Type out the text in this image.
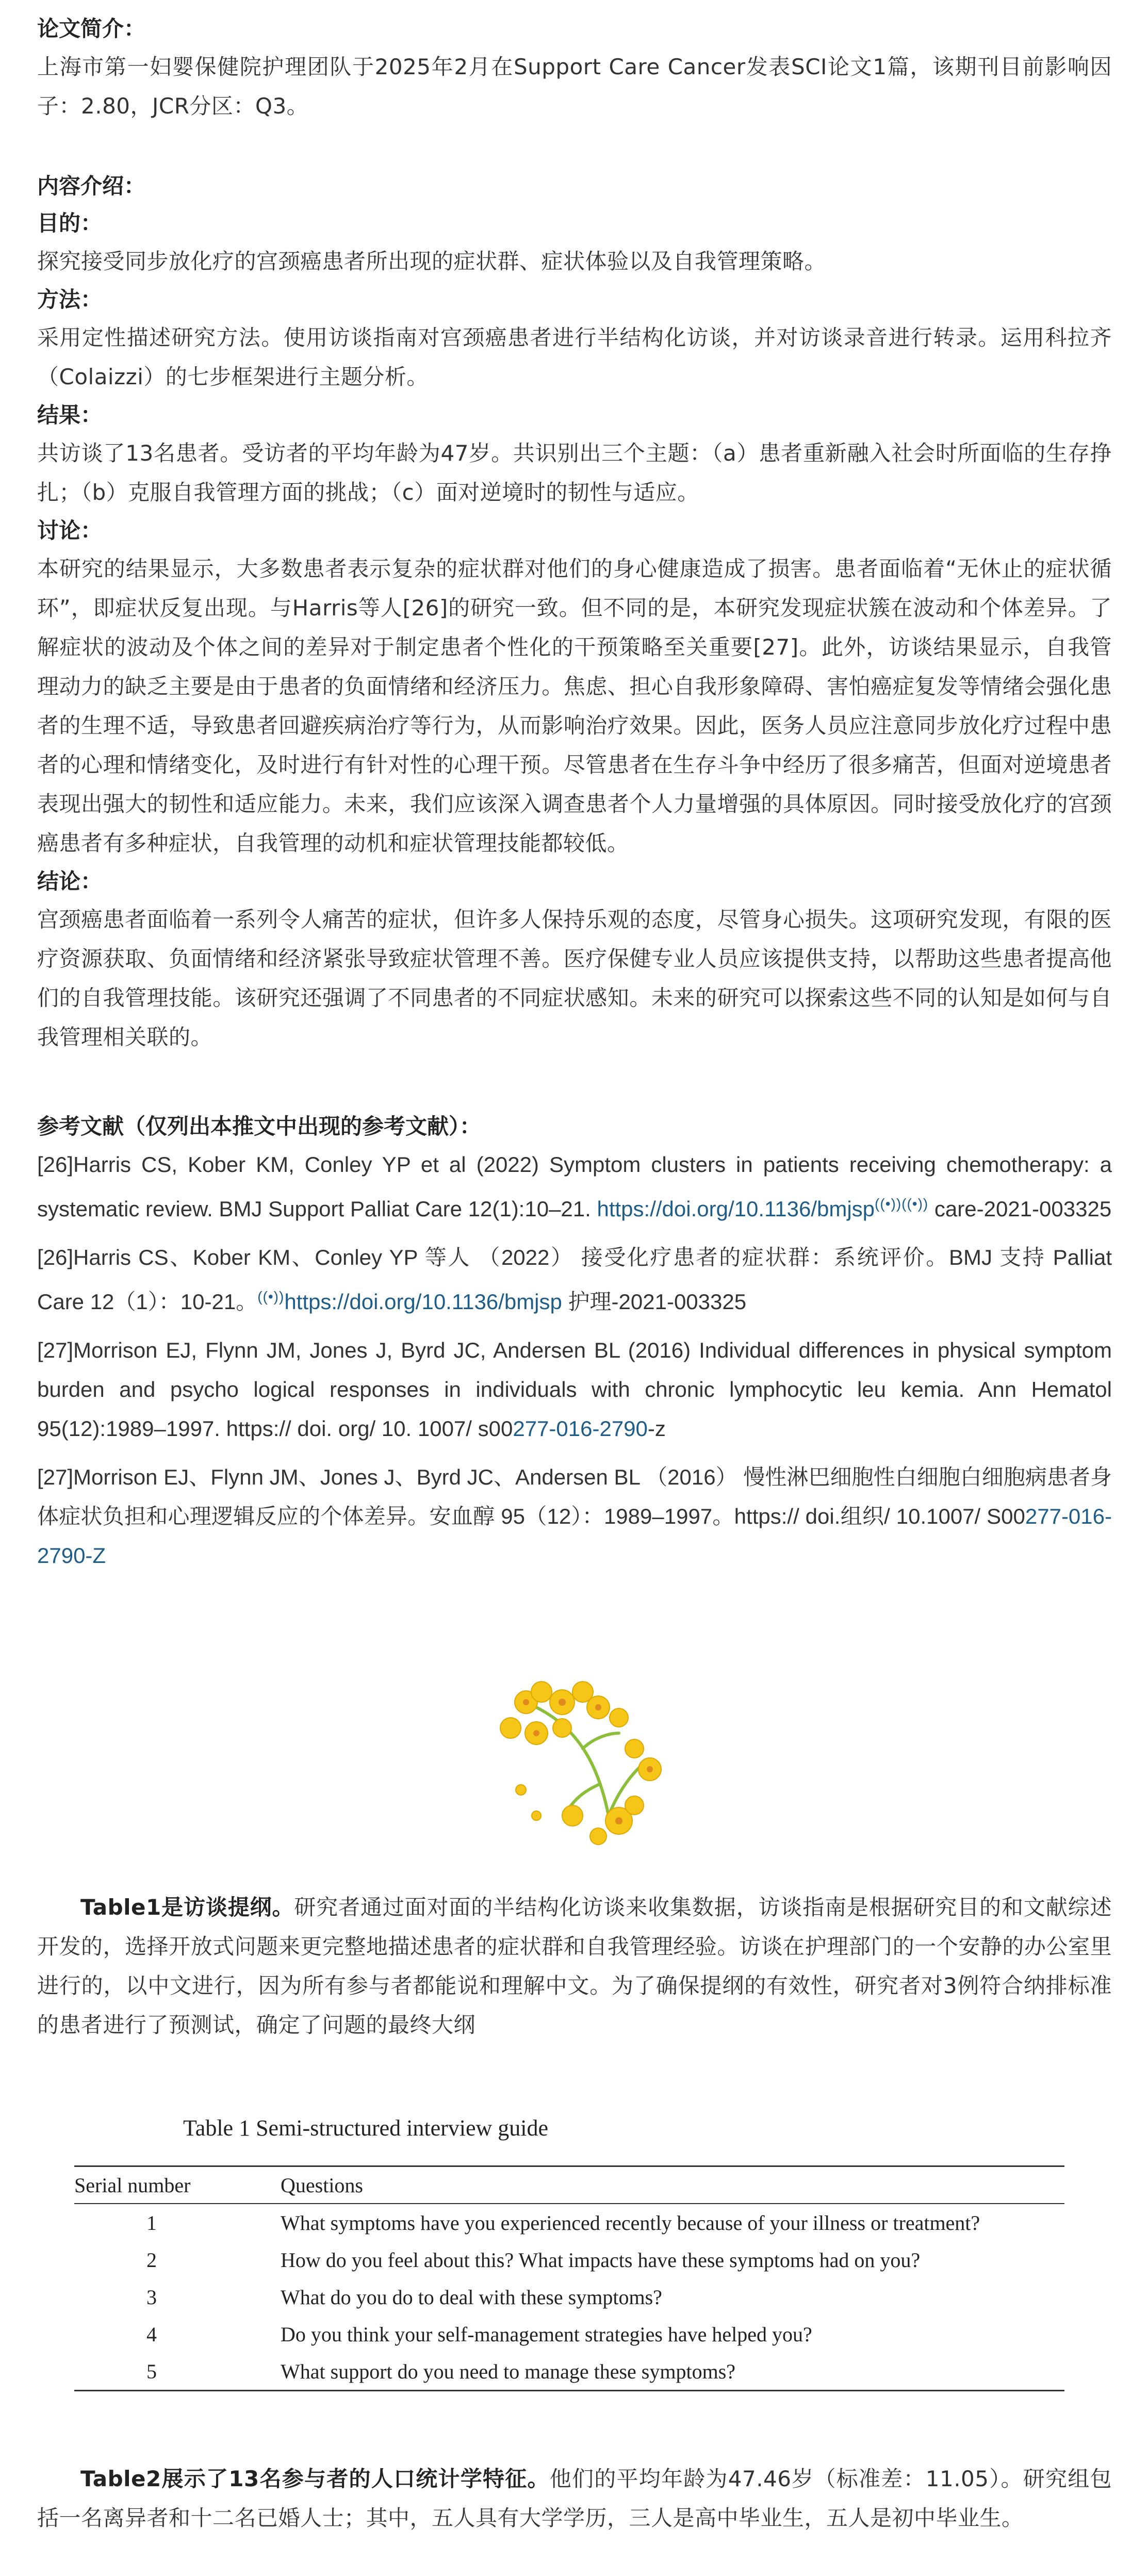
论文简介：

上海市第一妇婴保健院护理团队于2025年2月在Support Care Cancer发表SCI论文1篇，该期刊目前影响因子：2.80，JCR分区：Q3。

内容介绍：

目的：

探究接受同步放化疗的宫颈癌患者所出现的症状群、症状体验以及自我管理策略。

方法：

采用定性描述研究方法。使用访谈指南对宫颈癌患者进行半结构化访谈，并对访谈录音进行转录。运用科拉齐（Colaizzi）的七步框架进行主题分析。

结果：

共访谈了13名患者。受访者的平均年龄为47岁。共识别出三个主题：（a）患者重新融入社会时所面临的生存挣扎；（b）克服自我管理方面的挑战；（c）面对逆境时的韧性与适应。

讨论：

本研究的结果显示，大多数患者表示复杂的症状群对他们的身心健康造成了损害。患者面临着“无休止的症状循环”，即症状反复出现。与Harris等人[26]的研究一致。但不同的是，本研究发现症状簇在波动和个体差异。了解症状的波动及个体之间的差异对于制定患者个性化的干预策略至关重要[27]。此外，访谈结果显示，自我管理动力的缺乏主要是由于患者的负面情绪和经济压力。焦虑、担心自我形象障碍、害怕癌症复发等情绪会强化患者的生理不适，导致患者回避疾病治疗等行为，从而影响治疗效果。因此，医务人员应注意同步放化疗过程中患者的心理和情绪变化，及时进行有针对性的心理干预。尽管患者在生存斗争中经历了很多痛苦，但面对逆境患者表现出强大的韧性和适应能力。未来，我们应该深入调查患者个人力量增强的具体原因。同时接受放化疗的宫颈癌患者有多种症状，自我管理的动机和症状管理技能都较低。

结论：

宫颈癌患者面临着一系列令人痛苦的症状，但许多人保持乐观的态度，尽管身心损失。这项研究发现，有限的医疗资源获取、负面情绪和经济紧张导致症状管理不善。医疗保健专业人员应该提供支持，以帮助这些患者提高他们的自我管理技能。该研究还强调了不同患者的不同症状感知。未来的研究可以探索这些不同的认知是如何与自我管理相关联的。

参考文献（仅列出本推文中出现的参考文献）：

[26]Harris CS, Kober KM, Conley YP et al (2022) Symptom clusters in patients receiving chemotherapy: a systematic review. BMJ Support Palliat Care 12(1):10–21. https://doi.org/10.1136/bmjsp((•))((•)) care-2021-003325

[26]Harris CS、Kober KM、Conley YP 等人 （2022） 接受化疗患者的症状群：系统评价。BMJ 支持 Palliat Care 12（1）：10-21。((•))https://doi.org/10.1136/bmjsp 护理-2021-003325

[27]Morrison EJ, Flynn JM, Jones J, Byrd JC, Andersen BL (2016) Individual differences in physical symptom burden and psycho logical responses in individuals with chronic lymphocytic leu kemia. Ann Hematol 95(12):1989–1997. https:// doi. org/ 10. 1007/ s00277-016-2790-z

[27]Morrison EJ、Flynn JM、Jones J、Byrd JC、Andersen BL （2016） 慢性淋巴细胞性白细胞白细胞病患者身体症状负担和心理逻辑反应的个体差异。安血醇 95（12）：1989–1997。https:// doi.组织/ 10.1007/ S00277-016-2790-Z

Table1是访谈提纲。研究者通过面对面的半结构化访谈来收集数据，访谈指南是根据研究目的和文献综述开发的，选择开放式问题来更完整地描述患者的症状群和自我管理经验。访谈在护理部门的一个安静的办公室里进行的，以中文进行，因为所有参与者都能说和理解中文。为了确保提纲的有效性，研究者对3例符合纳排标准的患者进行了预测试，确定了问题的最终大纲

Table 1 Semi-structured interview guide
Serial number	Questions
1	What symptoms have you experienced recently because of your illness or treatment?
2	How do you feel about this? What impacts have these symptoms had on you?
3	What do you do to deal with these symptoms?
4	Do you think your self-management strategies have helped you?
5	What support do you need to manage these symptoms?

Table2展示了13名参与者的人口统计学特征。他们的平均年龄为47.46岁（标准差：11.05）。研究组包括一名离异者和十二名已婚人士；其中，五人具有大学学历，三人是高中毕业生，五人是初中毕业生。
